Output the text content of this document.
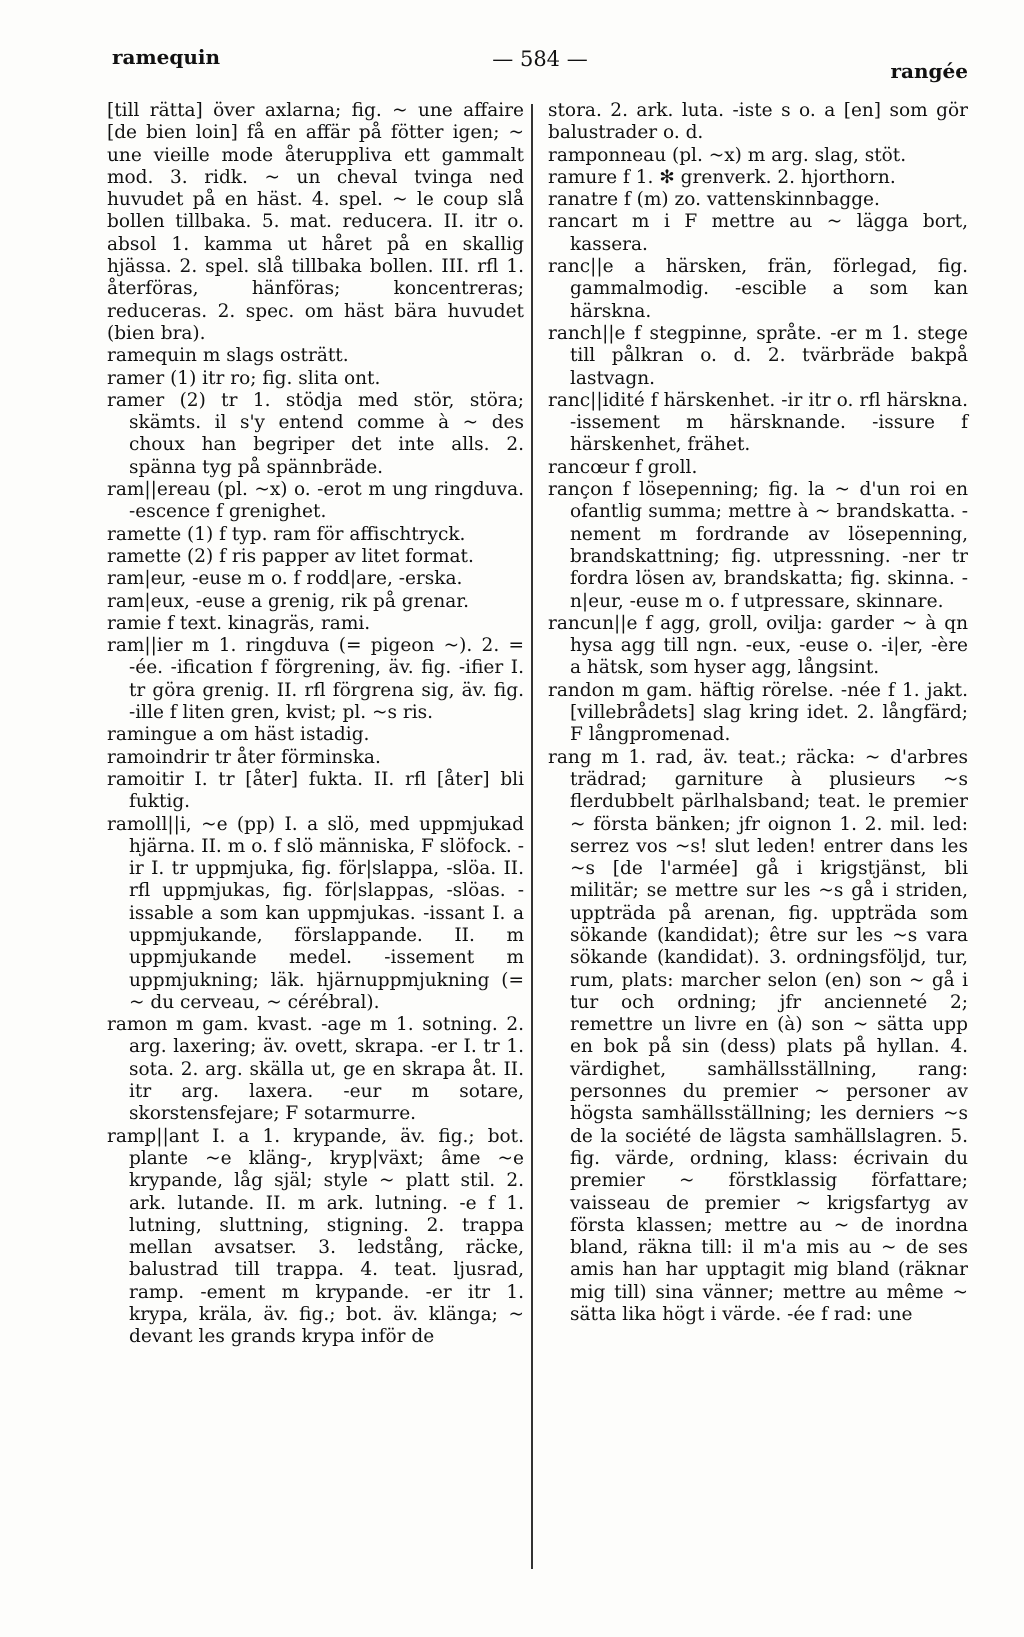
ramequin	— 584 —	rangée

[till rätta] över axlarna; fig. ~ une affaire [de bien loin] få en affär på fötter igen; ~ une vieille mode återuppliva ett gammalt mod. 3. ridk. ~ un cheval tvinga ned huvudet på en häst. 4. spel. ~ le coup slå bollen tillbaka. 5. mat. reducera. II. itr o. absol 1. kamma ut håret på en skallig hjässa. 2. spel. slå tillbaka bollen. III. rfl 1. återföras, hänföras; koncentreras; reduceras. 2. spec. om häst bära huvudet (bien bra).

ramequin m slags osträtt.

ramer (1) itr ro; fig. slita ont.

ramer (2) tr 1. stödja med stör, störa; skämts. il s'y entend comme à ~ des choux han begriper det inte alls. 2. spänna tyg på spännbräde.

ram||ereau (pl. ~x) o. -erot m ung ringduva. -escence f grenighet.

ramette (1) f typ. ram för affischtryck.

ramette (2) f ris papper av litet format.

ram|eur, -euse m o. f rodd|are, -erska.

ram|eux, -euse a grenig, rik på grenar.

ramie f text. kinagräs, rami.

ram||ier m 1. ringduva (= pigeon ~). 2. = -ée. -ification f förgrening, äv. fig. -ifier I. tr göra grenig. II. rfl förgrena sig, äv. fig. -ille f liten gren, kvist; pl. ~s ris.

ramingue a om häst istadig.

ramoindrir tr åter förminska.

ramoitir I. tr [åter] fukta. II. rfl [åter] bli fuktig.

ramoll||i, ~e (pp) I. a slö, med uppmjukad hjärna. II. m o. f slö människa, F slöfock. -ir I. tr uppmjuka, fig. för|slappa, -slöa. II. rfl uppmjukas, fig. för|slappas, -slöas. -issable a som kan uppmjukas. -issant I. a uppmjukande, förslappande. II. m uppmjukande medel. -issement m uppmjukning; läk. hjärnuppmjukning (= ~ du cerveau, ~ cérébral).

ramon m gam. kvast. -age m 1. sotning. 2. arg. laxering; äv. ovett, skrapa. -er I. tr 1. sota. 2. arg. skälla ut, ge en skrapa åt. II. itr arg. laxera. -eur m sotare, skorstensfejare; F sotarmurre.

ramp||ant I. a 1. krypande, äv. fig.; bot. plante ~e kläng-, kryp|växt; âme ~e krypande, låg själ; style ~ platt stil. 2. ark. lutande. II. m ark. lutning. -e f 1. lutning, sluttning, stigning. 2. trappa mellan avsatser. 3. ledstång, räcke, balustrad till trappa. 4. teat. ljusrad, ramp. -ement m krypande. -er itr 1. krypa, kräla, äv. fig.; bot. äv. klänga; ~ devant les grands krypa inför de

stora. 2. ark. luta. -iste s o. a [en] som gör balustrader o. d.

ramponneau (pl. ~x) m arg. slag, stöt.

ramure f 1. ✻ grenverk. 2. hjorthorn.

ranatre f (m) zo. vattenskinnbagge.

rancart m i F mettre au ~ lägga bort, kassera.

ranc||e a härsken, frän, förlegad, fig. gammalmodig. -escible a som kan härskna.

ranch||e f stegpinne, språte. -er m 1. stege till pålkran o. d. 2. tvärbräde bakpå lastvagn.

ranc||idité f härskenhet. -ir itr o. rfl härskna. -issement m härsknande. -issure f härskenhet, frähet.

rancœur f groll.

rançon f lösepenning; fig. la ~ d'un roi en ofantlig summa; mettre à ~ brandskatta. -nement m fordrande av lösepenning, brandskattning; fig. utpressning. -ner tr fordra lösen av, brandskatta; fig. skinna. -n|eur, -euse m o. f utpressare, skinnare.

rancun||e f agg, groll, ovilja: garder ~ à qn hysa agg till ngn. -eux, -euse o. -i|er, -ère a hätsk, som hyser agg, långsint.

randon m gam. häftig rörelse. -née f 1. jakt. [villebrådets] slag kring idet. 2. långfärd; F långpromenad.

rang m 1. rad, äv. teat.; räcka: ~ d'arbres trädrad; garniture à plusieurs ~s flerdubbelt pärlhalsband; teat. le premier ~ första bänken; jfr oignon 1. 2. mil. led: serrez vos ~s! slut leden! entrer dans les ~s [de l'armée] gå i krigstjänst, bli militär; se mettre sur les ~s gå i striden, uppträda på arenan, fig. uppträda som sökande (kandidat); être sur les ~s vara sökande (kandidat). 3. ordningsföljd, tur, rum, plats: marcher selon (en) son ~ gå i tur och ordning; jfr ancienneté 2; remettre un livre en (à) son ~ sätta upp en bok på sin (dess) plats på hyllan. 4. värdighet, samhällsställning, rang: personnes du premier ~ personer av högsta samhällsställning; les derniers ~s de la société de lägsta samhällslagren. 5. fig. värde, ordning, klass: écrivain du premier ~ förstklassig författare; vaisseau de premier ~ krigsfartyg av första klassen; mettre au ~ de inordna bland, räkna till: il m'a mis au ~ de ses amis han har upptagit mig bland (räknar mig till) sina vänner; mettre au même ~ sätta lika högt i värde. -ée f rad: une
